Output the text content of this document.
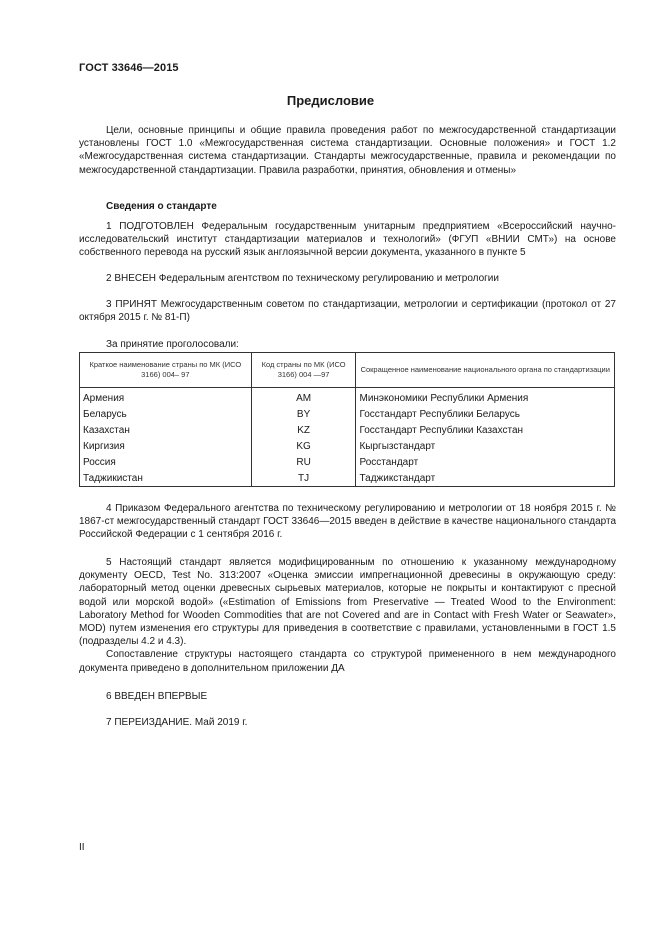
ГОСТ 33646—2015
Предисловие

Цели, основные принципы и общие правила проведения работ по межгосударственной стандартизации установлены ГОСТ 1.0 «Межгосударственная система стандартизации. Основные положения» и ГОСТ 1.2 «Межгосударственная система стандартизации. Стандарты межгосударственные, правила и рекомендации по межгосударственной стандартизации. Правила разработки, принятия, обновления и отмены»

Сведения о стандарте

1 ПОДГОТОВЛЕН Федеральным государственным унитарным предприятием «Всероссийский научно-исследовательский институт стандартизации материалов и технологий» (ФГУП «ВНИИ СМТ») на основе собственного перевода на русский язык англоязычной версии документа, указанного в пункте 5

2 ВНЕСЕН Федеральным агентством по техническому регулированию и метрологии

3 ПРИНЯТ Межгосударственным советом по стандартизации, метрологии и сертификации (протокол от 27 октября 2015 г. № 81-П)

За принятие проголосовали:

Краткое наименование страны по МК (ИСО 3166) 004– 97	Код страны по МК (ИСО 3166) 004 —97	Сокращенное наименование национального органа по стандартизации
Армения	AM	Минэкономики Республики Армения
Беларусь	BY	Госстандарт Республики Беларусь
Казахстан	KZ	Госстандарт Республики Казахстан
Киргизия	KG	Кыргызстандарт
Россия	RU	Росстандарт
Таджикистан	TJ	Таджикстандарт

4 Приказом Федерального агентства по техническому регулированию и метрологии от 18 ноября 2015 г. № 1867-ст межгосударственный стандарт ГОСТ 33646—2015 введен в действие в качестве национального стандарта Российской Федерации с 1 сентября 2016 г.

5 Настоящий стандарт является модифицированным по отношению к указанному международному документу OECD, Test No. 313:2007 «Оценка эмиссии импрегнационной древесины в окружающую среду: лабораторный метод оценки древесных сырьевых материалов, которые не покрыты и контактируют с пресной водой или морской водой» («Estimation of Emissions from Preservative — Treated Wood to the Environment: Laboratory Method for Wooden Commodities that are not Covered and are in Contact with Fresh Water or Seawater», MOD) путем изменения его структуры для приведения в соответствие с правилами, установленными в ГОСТ 1.5 (подразделы 4.2 и 4.3).

Сопоставление структуры настоящего стандарта со структурой примененного в нем международного документа приведено в дополнительном приложении ДА

6 ВВЕДЕН ВПЕРВЫЕ

7 ПЕРЕИЗДАНИЕ. Май 2019 г.

II
